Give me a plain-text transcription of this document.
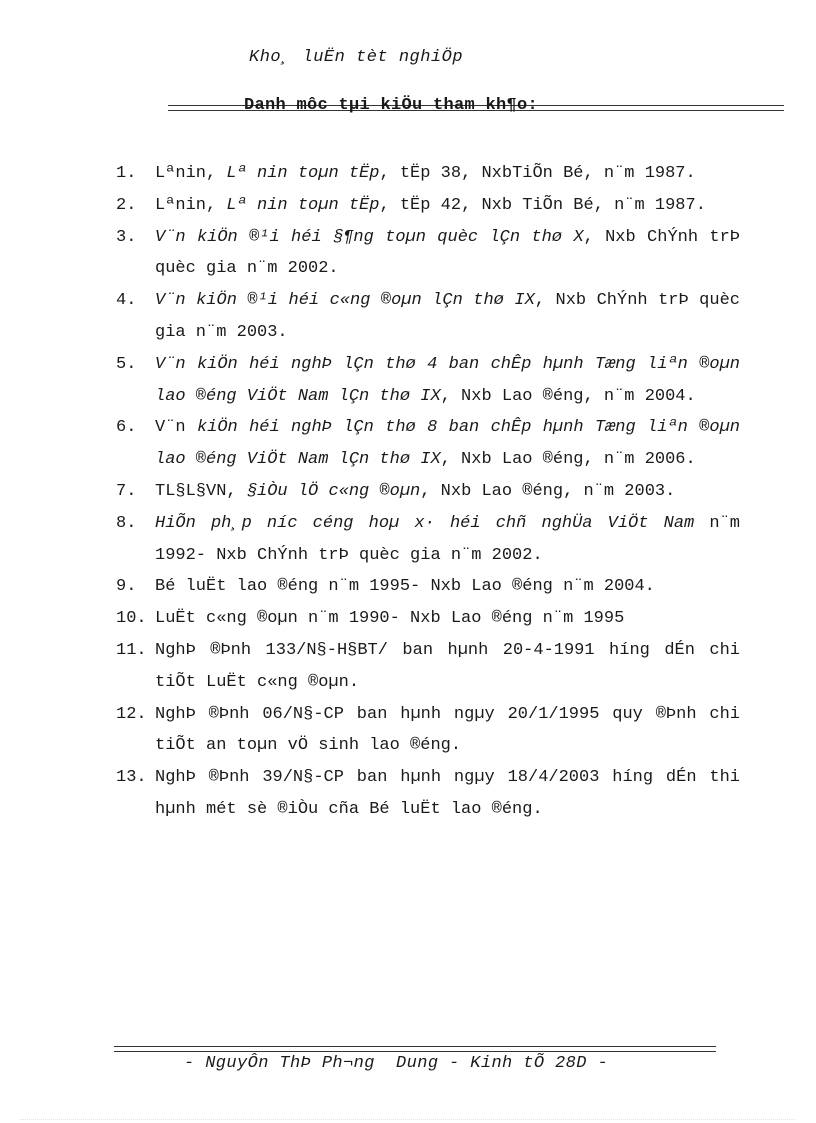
Kho¸ luËn tèt nghiÖp
Danh môc tµi kiÖu tham kh¶o:
1.	Lªnin, Lª nin toµn tËp, tËp 38, NxbTiÕn Bé, n¨m 1987.
2.	Lªnin, Lª nin toµn tËp, tËp 42, Nxb TiÕn Bé, n¨m 1987.
3.	V¨n kiÖn ®¹i héi §¶ng toµn quèc lÇn thø X, Nxb ChÝnh trÞ quèc gia n¨m 2002.
4.	V¨n kiÖn ®¹i héi c«ng ®oµn lÇn thø IX, Nxb ChÝnh trÞ quèc gia n¨m 2003.
5.	V¨n kiÖn héi nghÞ lÇn thø 4 ban chÊp hµnh Tæng liªn ®oµn lao ®éng ViÖt Nam lÇn thø IX, Nxb Lao ®éng, n¨m 2004.
6.	V¨n kiÖn héi nghÞ lÇn thø 8 ban chÊp hµnh Tæng liªn ®oµn lao ®éng ViÖt Nam lÇn thø IX, Nxb Lao ®éng, n¨m 2006.
7.	TL§L§VN, §iÒu lÖ c«ng ®oµn, Nxb Lao ®éng, n¨m 2003.
8.	HiÕn ph¸p níc céng hoµ x· héi chñ nghÜa ViÖt Nam n¨m 1992- Nxb ChÝnh trÞ quèc gia n¨m 2002.
9.	Bé luËt lao ®éng n¨m 1995- Nxb Lao ®éng n¨m 2004.
10. LuËt c«ng ®oµn n¨m 1990- Nxb Lao ®éng n¨m 1995
11. NghÞ ®Þnh 133/N§-H§BT/ ban hµnh 20-4-1991 híng dÉn chi tiÕt LuËt c«ng ®oµn.
12. NghÞ ®Þnh 06/N§-CP ban hµnh ngµy 20/1/1995 quy ®Þnh chi tiÕt an toµn vÖ sinh lao ®éng.
13. NghÞ ®Þnh 39/N§-CP ban hµnh ngµy 18/4/2003 híng dÉn thi hµnh mét sè ®iÒu cña Bé luËt lao ®éng.
- NguyÔn ThÞ Ph¬ng  Dung - Kinh tÕ 28D -
